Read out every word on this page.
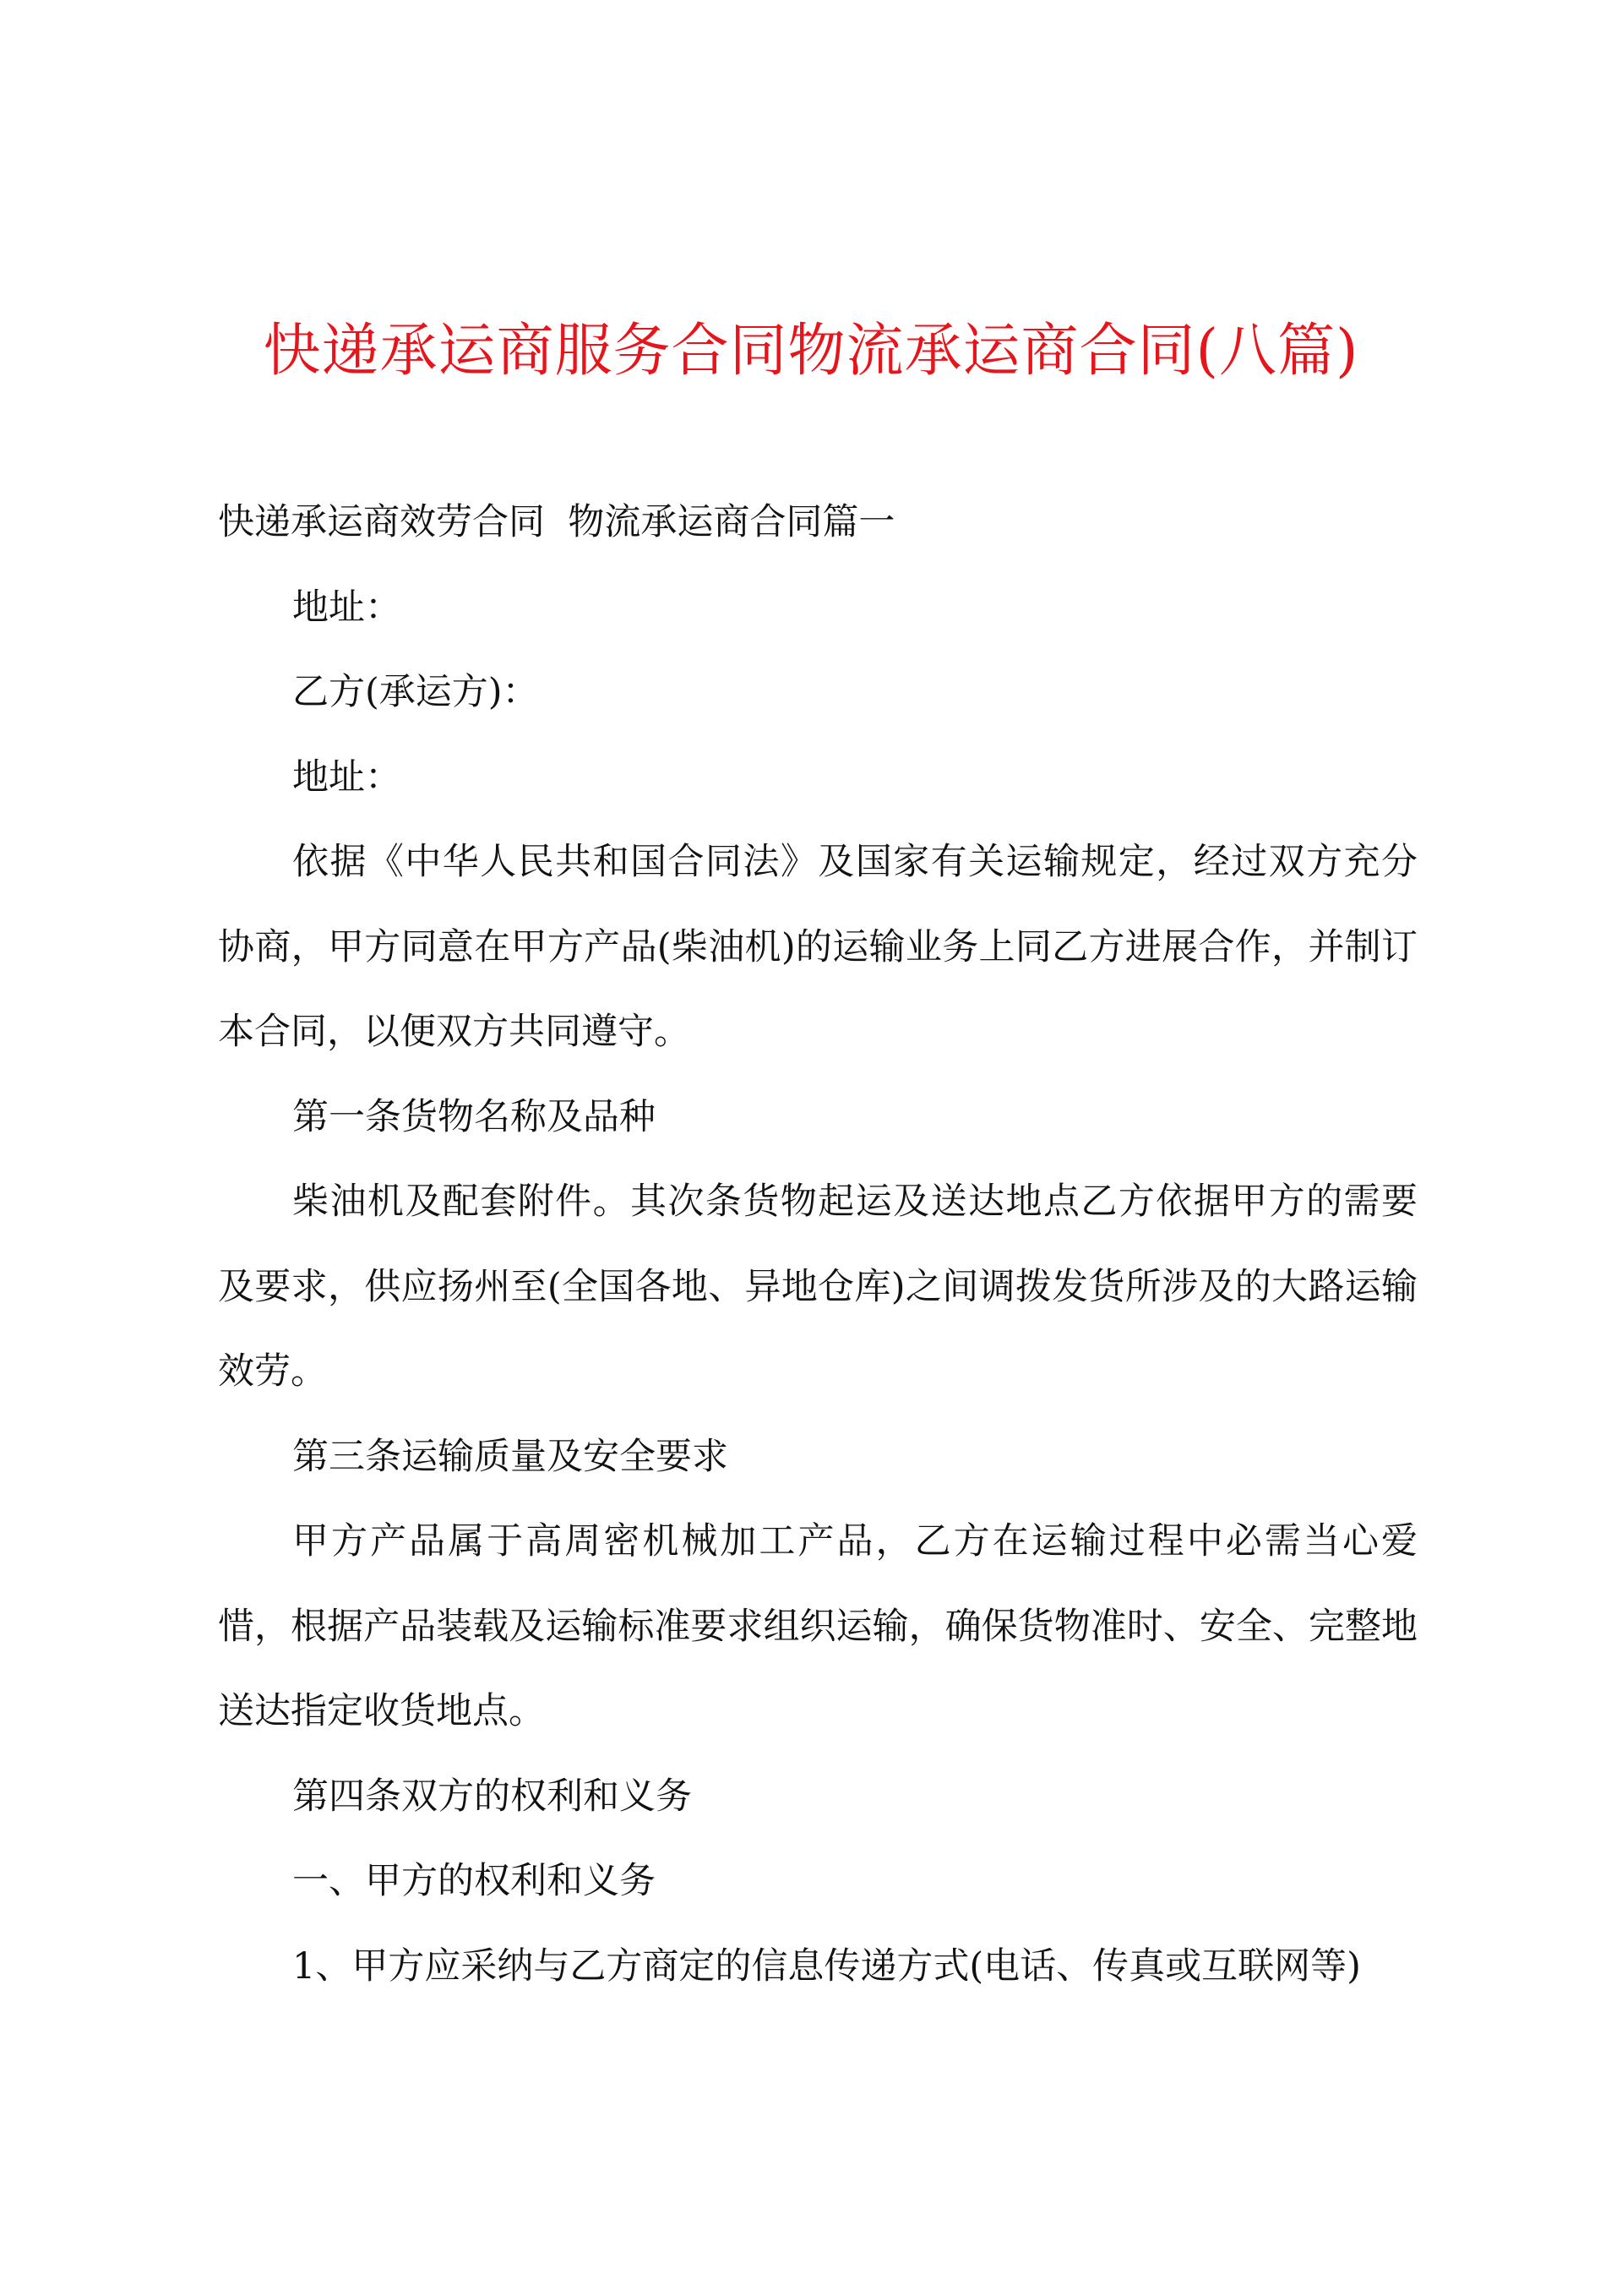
快递承运商服务合同物流承运商合同(八篇)

快递承运商效劳合同  物流承运商合同篇一

地址：

乙方(承运方)：

地址：

依据《中华人民共和国合同法》及国家有关运输规定，经过双方充分协商，甲方同意在甲方产品(柴油机)的运输业务上同乙方进展合作，并制订本合同，以便双方共同遵守。

第一条货物名称及品种

柴油机及配套附件。其次条货物起运及送达地点乙方依据甲方的需要及要求，供应扬州至(全国各地、异地仓库)之间调拨发货所涉及的大路运输效劳。

第三条运输质量及安全要求

甲方产品属于高周密机械加工产品，乙方在运输过程中必需当心爱惜，根据产品装载及运输标准要求组织运输，确保货物准时、安全、完整地送达指定收货地点。

第四条双方的权利和义务

一、甲方的权利和义务

1、甲方应采纳与乙方商定的信息传递方式(电话、传真或互联网等)
